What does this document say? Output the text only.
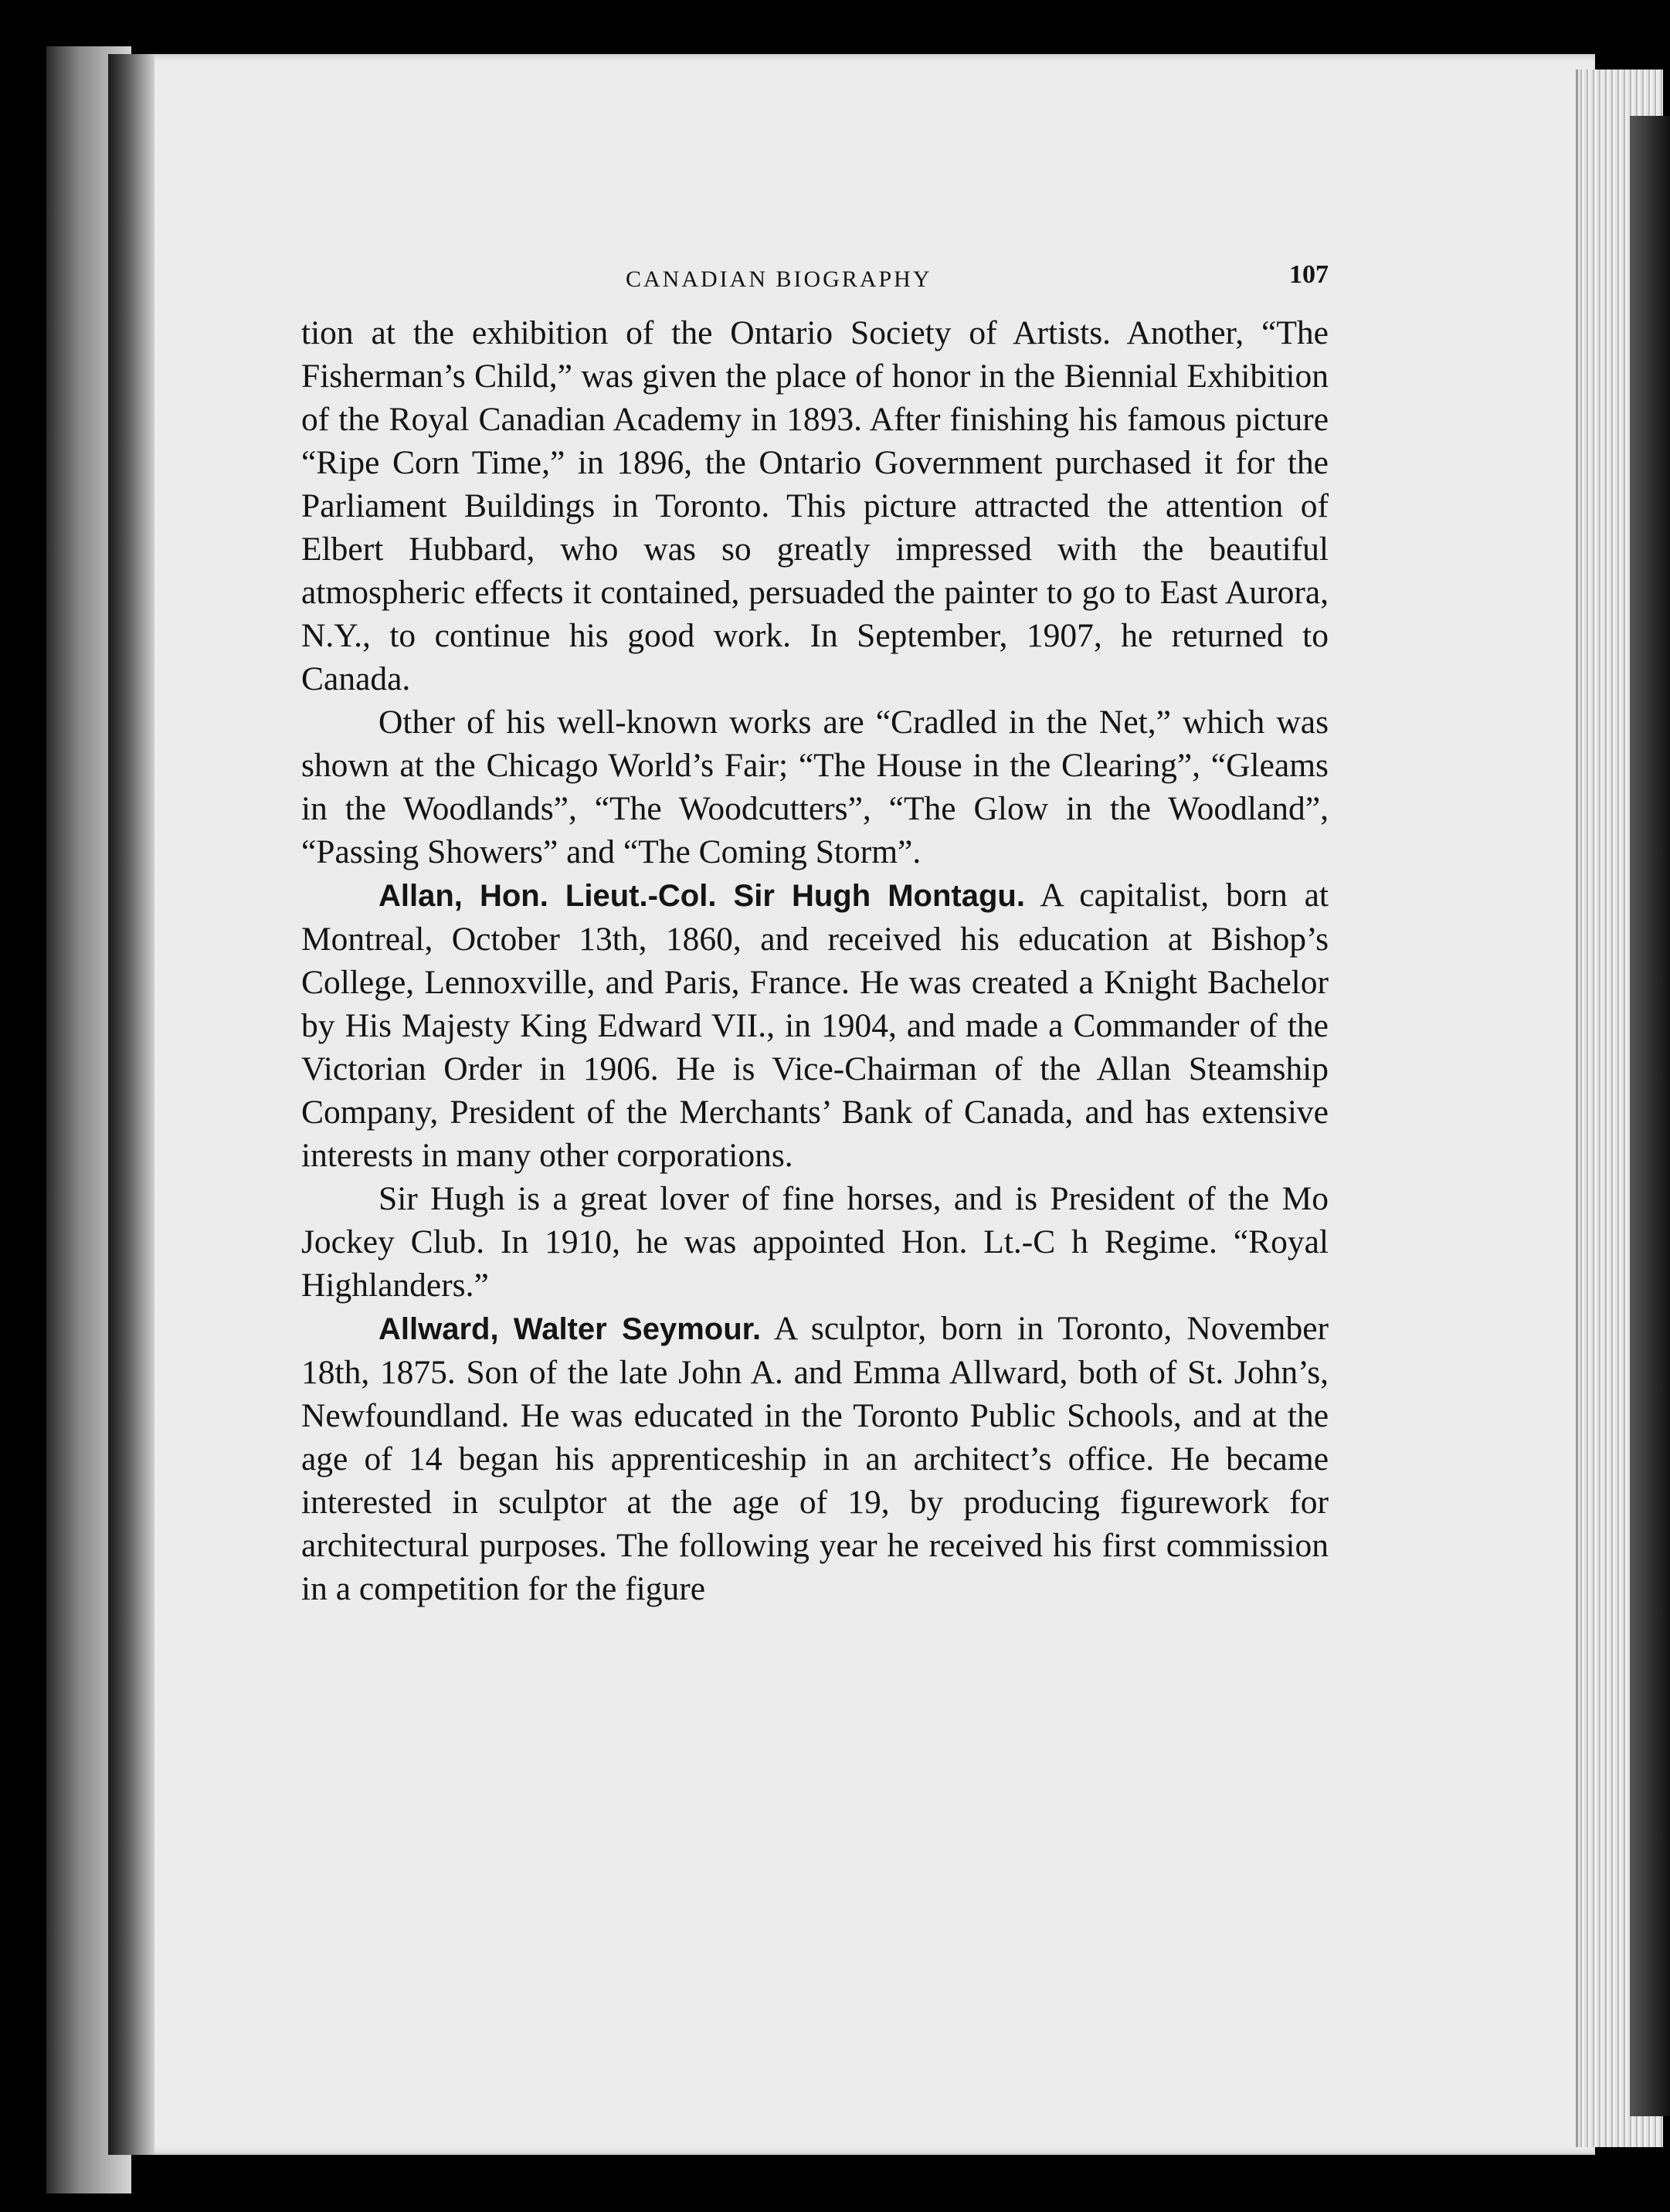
CANADIAN BIOGRAPHY	107

tion at the exhibition of the Ontario Society of Artists. Another, “The Fisherman’s Child,” was given the place of honor in the Biennial Exhibition of the Royal Canadian Academy in 1893. After finishing his famous picture “Ripe Corn Time,” in 1896, the Ontario Government purchased it for the Parliament Buildings in Toronto. This picture attracted the attention of Elbert Hubbard, who was so greatly impressed with the beautiful atmospheric effects it contained, persuaded the painter to go to East Aurora, N.Y., to continue his good work. In September, 1907, he returned to Canada.

Other of his well-known works are “Cradled in the Net,” which was shown at the Chicago World’s Fair; “The House in the Clearing”, “Gleams in the Woodlands”, “The Woodcutters”, “The Glow in the Woodland”, “Passing Showers” and “The Coming Storm”.

Allan, Hon. Lieut.-Col. Sir Hugh Montagu. A capitalist, born at Montreal, October 13th, 1860, and received his education at Bishop’s College, Lennoxville, and Paris, France. He was created a Knight Bachelor by His Majesty King Edward VII., in 1904, and made a Commander of the Victorian Order in 1906. He is Vice-Chairman of the Allan Steamship Company, President of the Merchants’ Bank of Canada, and has extensive interests in many other corporations.

Sir Hugh is a great lover of fine horses, and is President of the Mo Jockey Club. In 1910, he was appointed Hon. Lt.-C h Regime. “Royal Highlanders.”

Allward, Walter Seymour. A sculptor, born in Toronto, November 18th, 1875. Son of the late John A. and Emma Allward, both of St. John’s, Newfoundland. He was educated in the Toronto Public Schools, and at the age of 14 began his apprenticeship in an architect’s office. He became interested in sculptor at the age of 19, by producing figurework for architectural purposes. The following year he received his first commission in a competition for the figure
